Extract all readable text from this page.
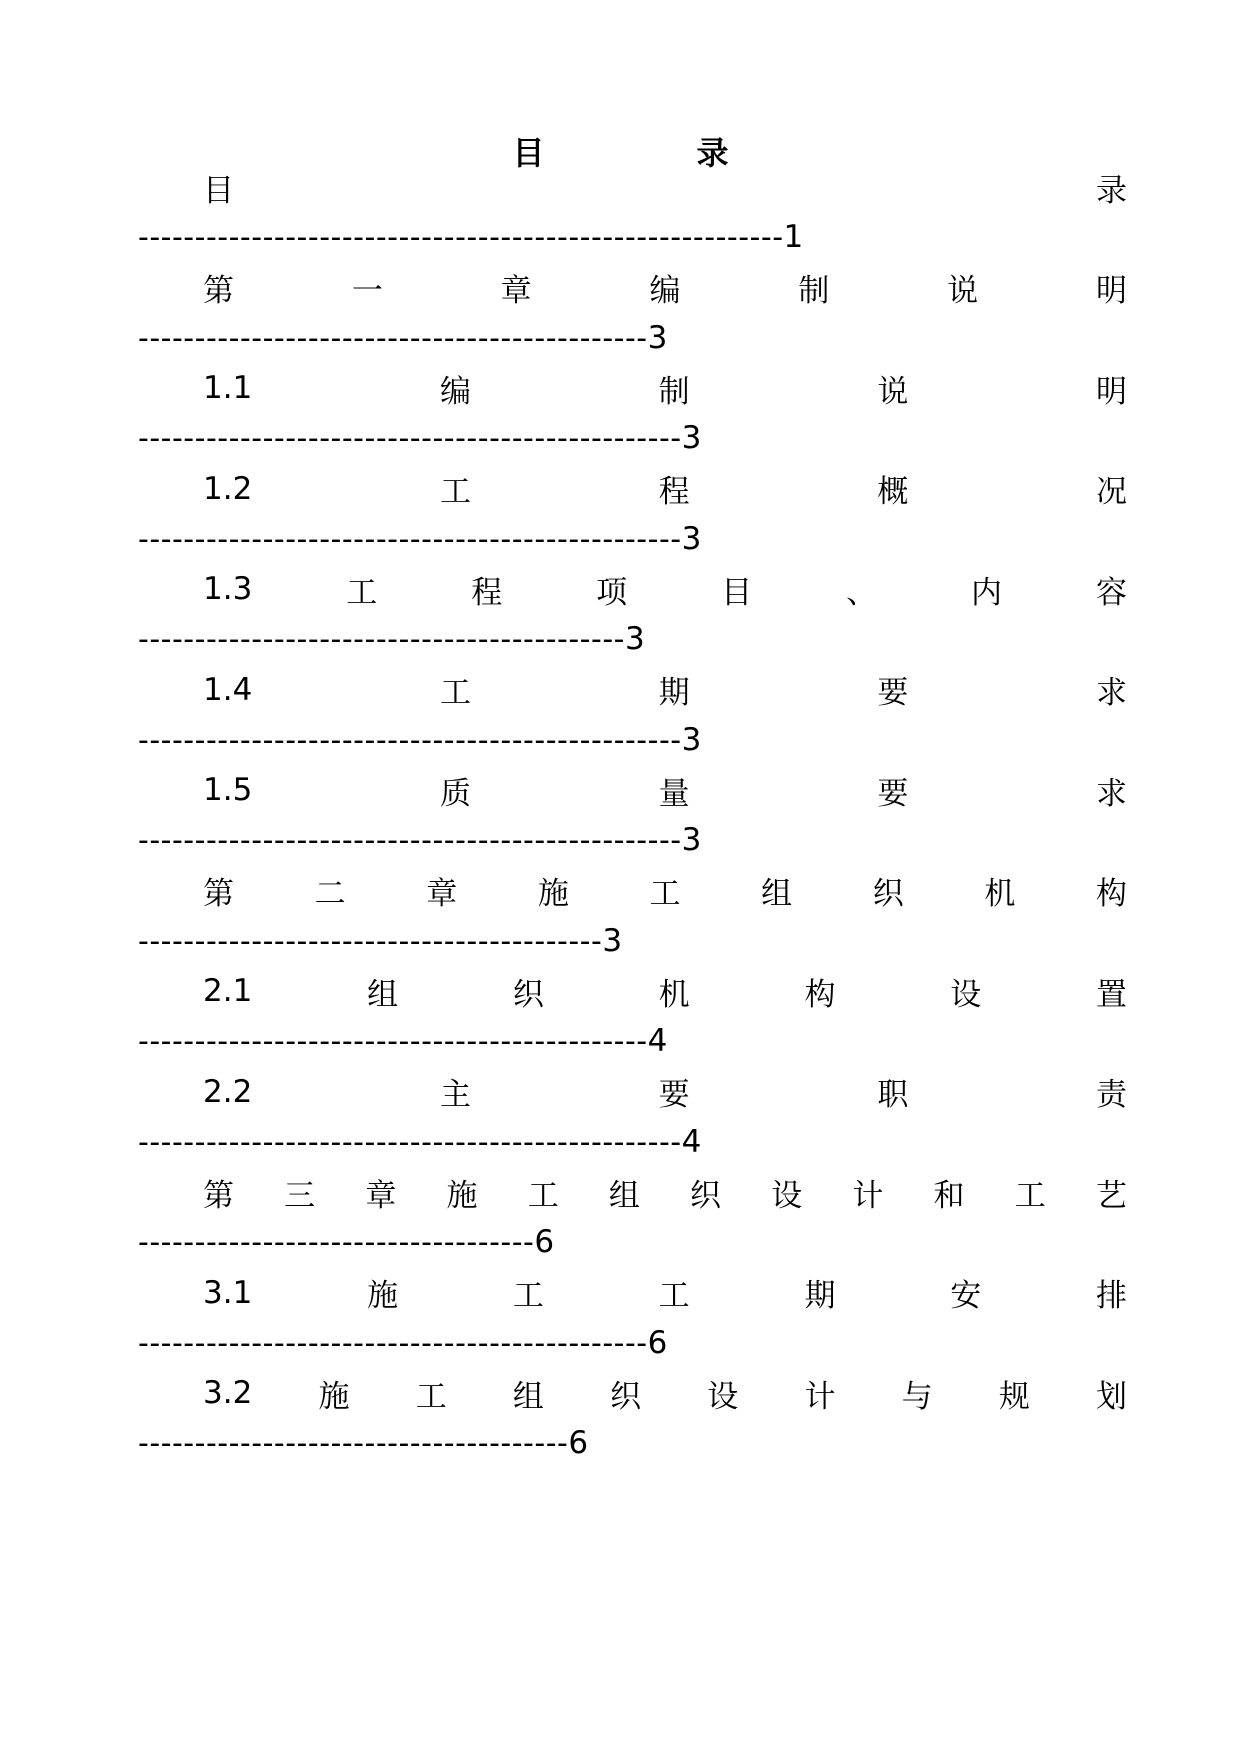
目　录
目	录
---------------------------------------------------------1
第	一	章	编	制	说	明
---------------------------------------------3
1.1	编	制	说	明
------------------------------------------------3
1.2	工	程	概	况
------------------------------------------------3
1.3	工	程	项	目	、	内	容
-------------------------------------------3
1.4	工	期	要	求
------------------------------------------------3
1.5	质	量	要	求
------------------------------------------------3
第	二	章	施	工	组	织	机	构
-----------------------------------------3
2.1	组	织	机	构	设	置
---------------------------------------------4
2.2	主	要	职	责
------------------------------------------------4
第 三 章 施 工 组 织 设 计 和 工 艺
-----------------------------------6
3.1	施	工	工	期	安	排
---------------------------------------------6
3.2 施 工 组 织 设 计 与 规 划
--------------------------------------6
